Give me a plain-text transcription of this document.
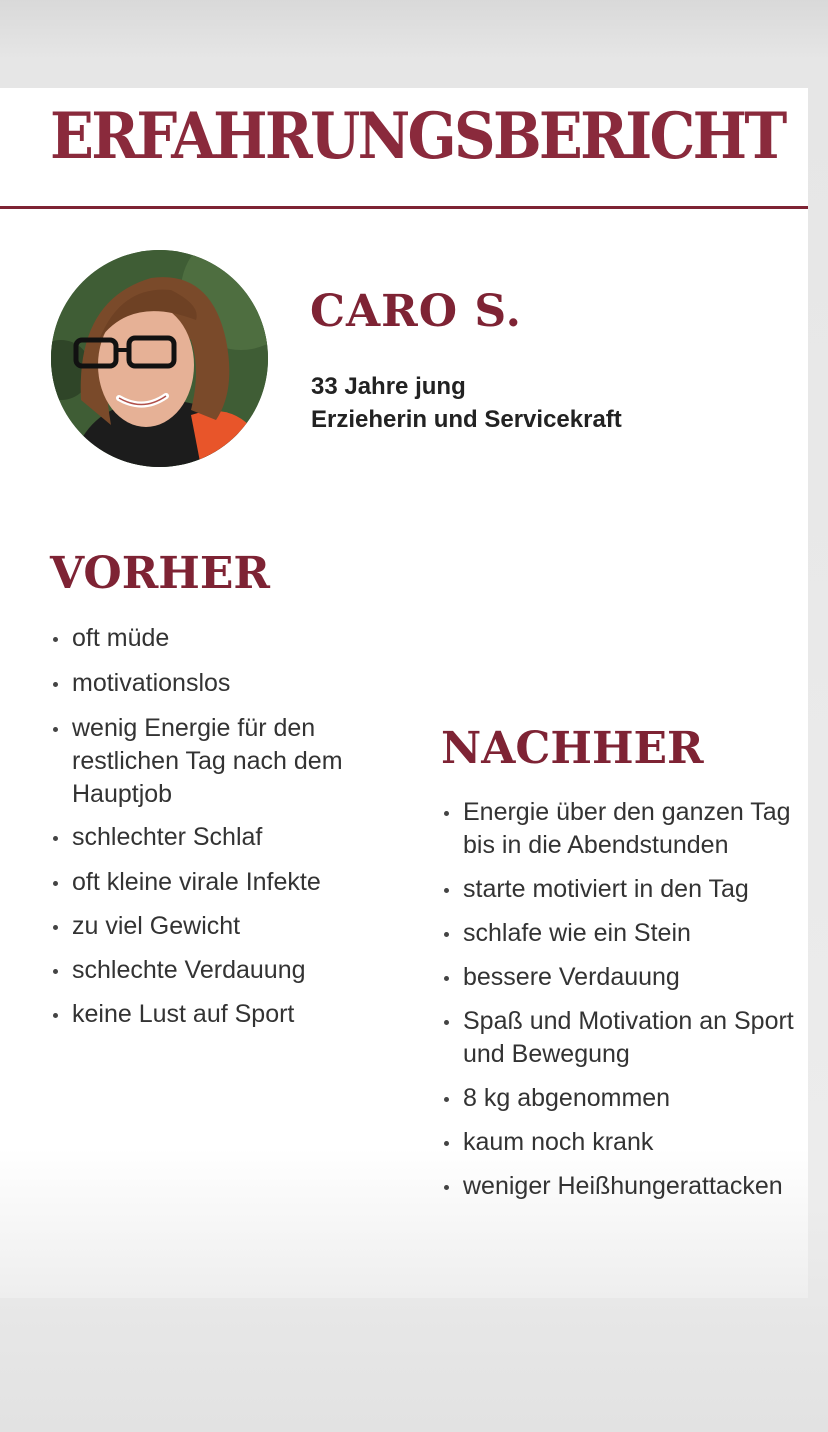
ERFAHRUNGSBERICHT
CARO S.
33 Jahre jung
Erzieherin und Servicekraft
VORHER
oft müde
motivationslos
wenig Energie für den restlichen Tag nach dem Hauptjob
schlechter Schlaf
oft kleine virale Infekte
zu viel Gewicht
schlechte Verdauung
keine Lust auf Sport
NACHHER
Energie über den ganzen Tag bis in die Abendstunden
starte motiviert in den Tag
schlafe wie ein Stein
bessere Verdauung
Spaß und Motivation an Sport und Bewegung
8 kg abgenommen
kaum noch krank
weniger Heißhungerattacken
